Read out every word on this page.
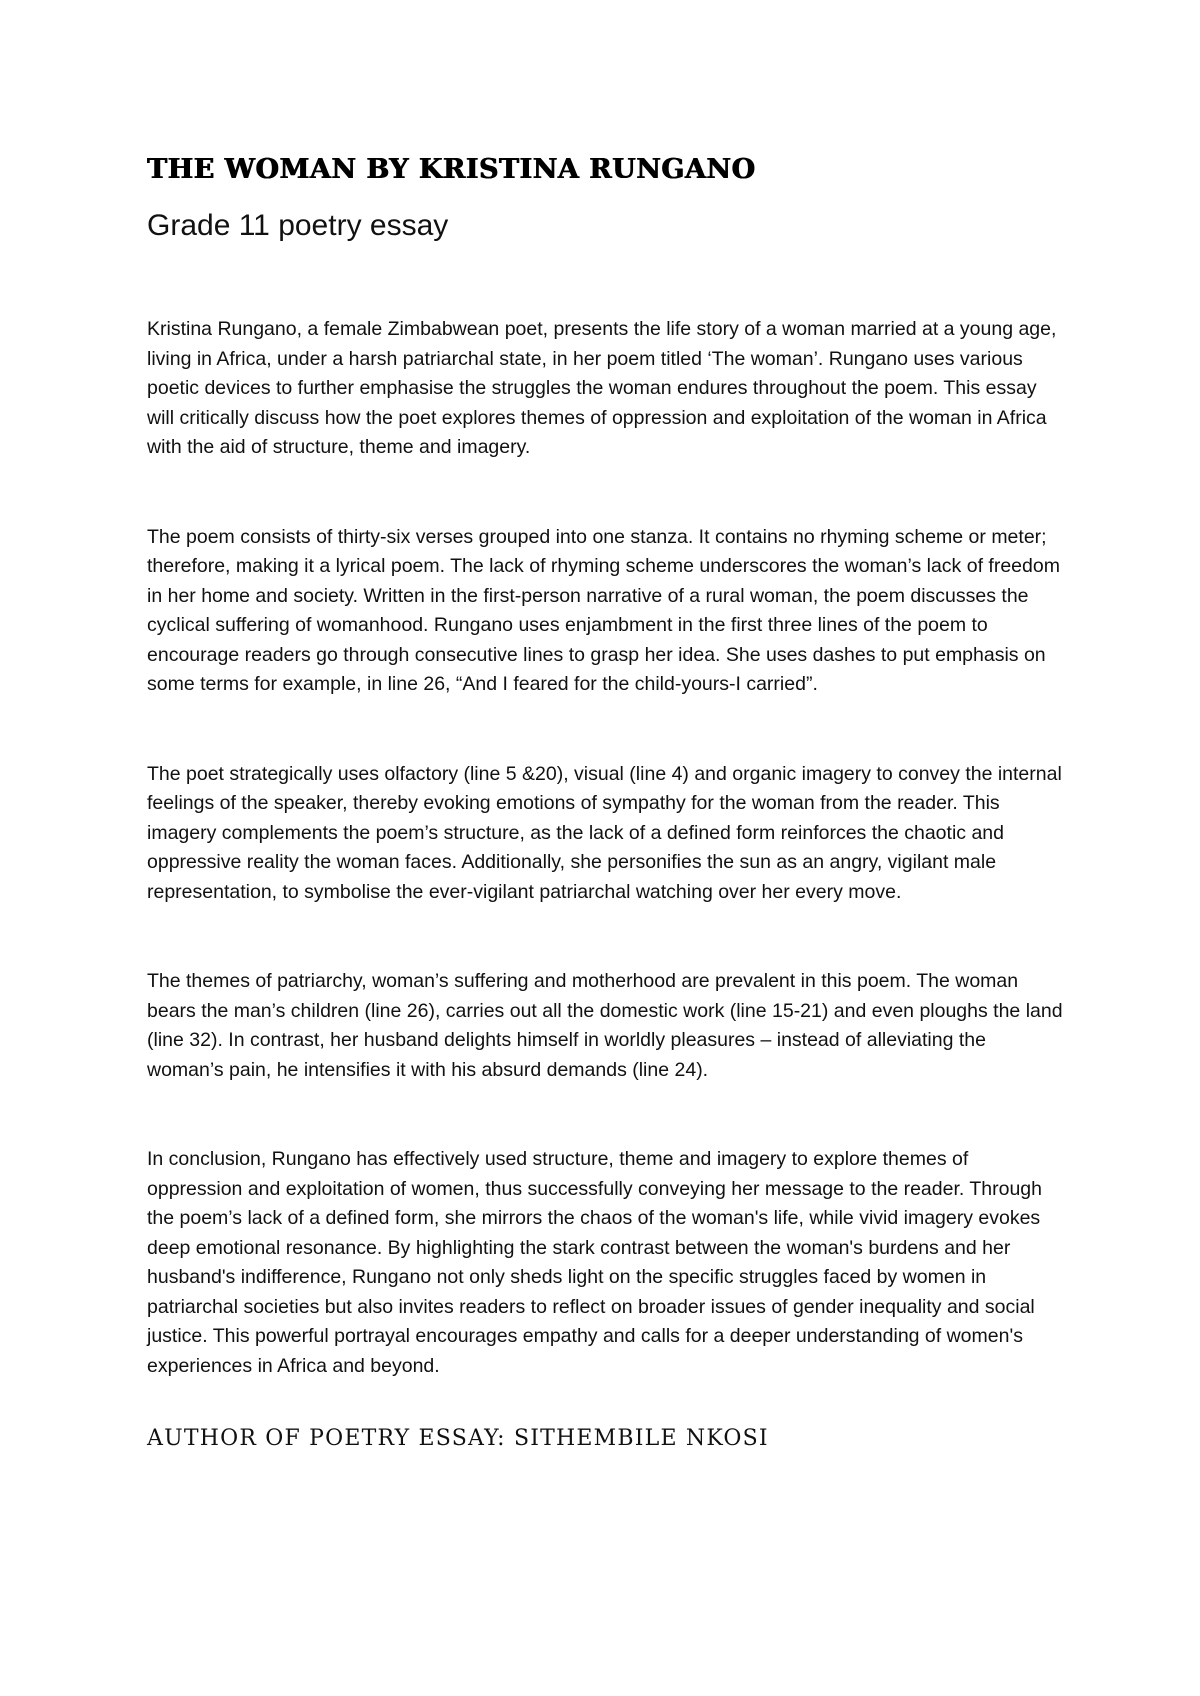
THE WOMAN BY KRISTINA RUNGANO
Grade 11 poetry essay

Kristina Rungano, a female Zimbabwean poet, presents the life story of a woman married at a young age, living in Africa, under a harsh patriarchal state, in her poem titled ‘The woman’. Rungano uses various poetic devices to further emphasise the struggles the woman endures throughout the poem. This essay will critically discuss how the poet explores themes of oppression and exploitation of the woman in Africa with the aid of structure, theme and imagery.

The poem consists of thirty-six verses grouped into one stanza. It contains no rhyming scheme or meter; therefore, making it a lyrical poem. The lack of rhyming scheme underscores the woman’s lack of freedom in her home and society. Written in the first-person narrative of a rural woman, the poem discusses the cyclical suffering of womanhood. Rungano uses enjambment in the first three lines of the poem to encourage readers go through consecutive lines to grasp her idea. She uses dashes to put emphasis on some terms for example, in line 26, “And I feared for the child-yours-I carried”.

The poet strategically uses olfactory (line 5 &20), visual (line 4) and organic imagery to convey the internal feelings of the speaker, thereby evoking emotions of sympathy for the woman from the reader. This imagery complements the poem’s structure, as the lack of a defined form reinforces the chaotic and oppressive reality the woman faces. Additionally, she personifies the sun as an angry, vigilant male representation, to symbolise the ever-vigilant patriarchal watching over her every move.

The themes of patriarchy, woman’s suffering and motherhood are prevalent in this poem. The woman bears the man’s children (line 26), carries out all the domestic work (line 15-21) and even ploughs the land (line 32). In contrast, her husband delights himself in worldly pleasures – instead of alleviating the woman’s pain, he intensifies it with his absurd demands (line 24).

In conclusion, Rungano has effectively used structure, theme and imagery to explore themes of oppression and exploitation of women, thus successfully conveying her message to the reader. Through the poem’s lack of a defined form, she mirrors the chaos of the woman's life, while vivid imagery evokes deep emotional resonance. By highlighting the stark contrast between the woman's burdens and her husband's indifference, Rungano not only sheds light on the specific struggles faced by women in patriarchal societies but also invites readers to reflect on broader issues of gender inequality and social justice. This powerful portrayal encourages empathy and calls for a deeper understanding of women's experiences in Africa and beyond.

AUTHOR OF POETRY ESSAY: SITHEMBILE NKOSI
